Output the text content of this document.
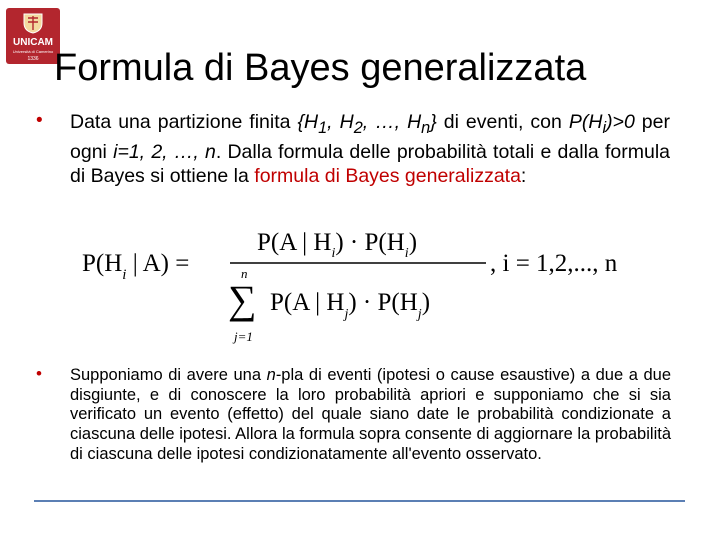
UNICAM
Università di Camerino
1336 Formula di Bayes generalizzata
• Data una partizione finita {$H_1$, $H_2$, …, $H_n$} di eventi, con $P(H_i)>0$ per ogni i=1, 2, …, n. Dalla formula delle probabilità totali e dalla formula di Bayes si ottiene la formula di Bayes generalizzata:
$P(H_i$ | A) =
P(A | $H_i) \cdot P(H_i)$
n
∑
j=1
P(A | $H_j) \cdot P(H_j)$
, i = 1,2,..., n
• Supponiamo di avere una n-pla di eventi (ipotesi o cause esaustive) a due a due disgiunte, e di conoscere la loro probabilità apriori e supponiamo che si sia verificato un evento (effetto) del quale siano date le probabilità condizionate a ciascuna delle ipotesi. Allora la formula sopra consente di aggiornare la probabilità di ciascuna delle ipotesi condizionatamente all'evento osservato.
